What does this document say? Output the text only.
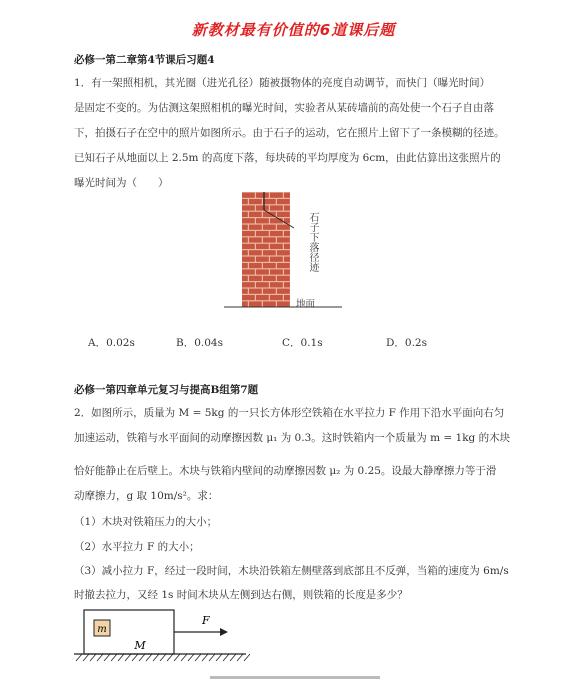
新教材最有价值的6道课后题
必修一第二章第4节课后习题4
1．有一架照相机，其光圈（进光孔径）随被摄物体的亮度自动调节，而快门（曝光时间）
是固定不变的。为估测这架照相机的曝光时间，实验者从某砖墙前的高处使一个石子自由落
下，拍摄石子在空中的照片如图所示。由于石子的运动，它在照片上留下了一条模糊的径迹。
已知石子从地面以上 2.5m 的高度下落，每块砖的平均厚度为 6cm，由此估算出这张照片的
曝光时间为（　　）
石子下落径迹
地面
A．0.02s	B．0.04s	C．0.1s	D．0.2s
必修一第四章单元复习与提高B组第7题
2．如图所示，质量为 M = 5kg 的一只长方体形空铁箱在水平拉力 F 作用下沿水平面向右匀
加速运动，铁箱与水平面间的动摩擦因数 μ₁ 为 0.3。这时铁箱内一个质量为 m = 1kg 的木块
恰好能静止在后壁上。木块与铁箱内壁间的动摩擦因数 μ₂ 为 0.25。设最大静摩擦力等于滑
动摩擦力，g 取 10m/s²。求：
（1）木块对铁箱压力的大小；
（2）水平拉力 F 的大小；
（3）减小拉力 F，经过一段时间，木块沿铁箱左侧壁落到底部且不反弹，当箱的速度为 6m/s
时撤去拉力，又经 1s 时间木块从左侧到达右侧，则铁箱的长度是多少？
m
M
F
